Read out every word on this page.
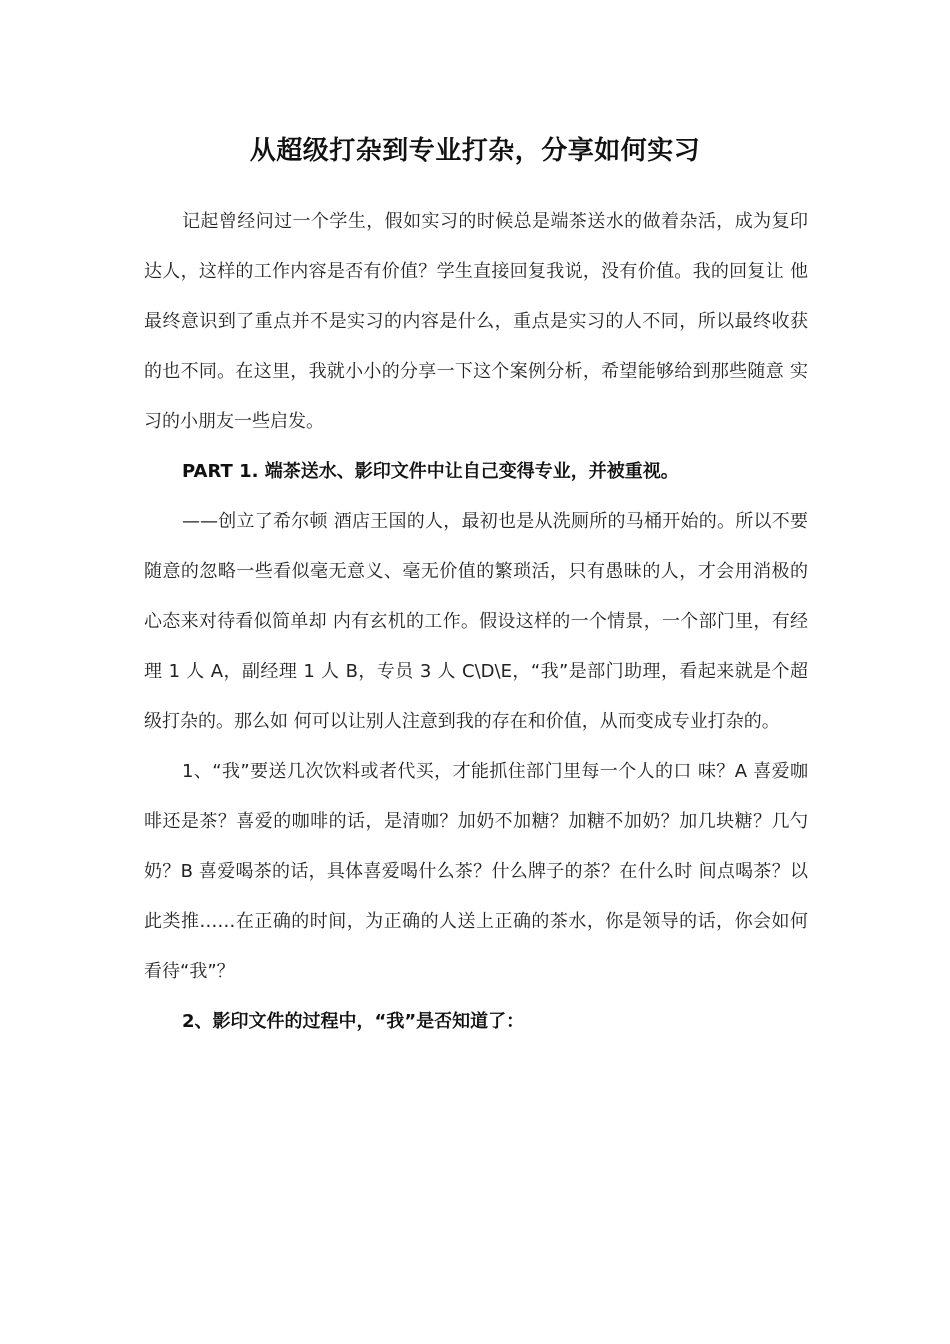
从超级打杂到专业打杂，分享如何实习

记起曾经问过一个学生，假如实习的时候总是端茶送水的做着杂活，成为复印达人，这样的工作内容是否有价值？学生直接回复我说，没有价值。我的回复让 他最终意识到了重点并不是实习的内容是什么，重点是实习的人不同，所以最终收获的也不同。在这里，我就小小的分享一下这个案例分析，希望能够给到那些随意 实习的小朋友一些启发。

PART 1. 端茶送水、影印文件中让自己变得专业，并被重视。

——创立了希尔顿 酒店王国的人，最初也是从洗厕所的马桶开始的。所以不要随意的忽略一些看似毫无意义、毫无价值的繁琐活，只有愚昧的人，才会用消极的心态来对待看似简单却 内有玄机的工作。假设这样的一个情景，一个部门里，有经理 1 人 A，副经理 1 人 B，专员 3 人 C\D\E，“我”是部门助理，看起来就是个超级打杂的。那么如 何可以让别人注意到我的存在和价值，从而变成专业打杂的。

1、“我”要送几次饮料或者代买，才能抓住部门里每一个人的口 味？A 喜爱咖啡还是茶？喜爱的咖啡的话，是清咖？加奶不加糖？加糖不加奶？加几块糖？几勺奶？B 喜爱喝茶的话，具体喜爱喝什么茶？什么牌子的茶？在什么时 间点喝茶？以此类推……在正确的时间，为正确的人送上正确的茶水，你是领导的话，你会如何看待“我”？

2、影印文件的过程中，“我”是否知道了：
